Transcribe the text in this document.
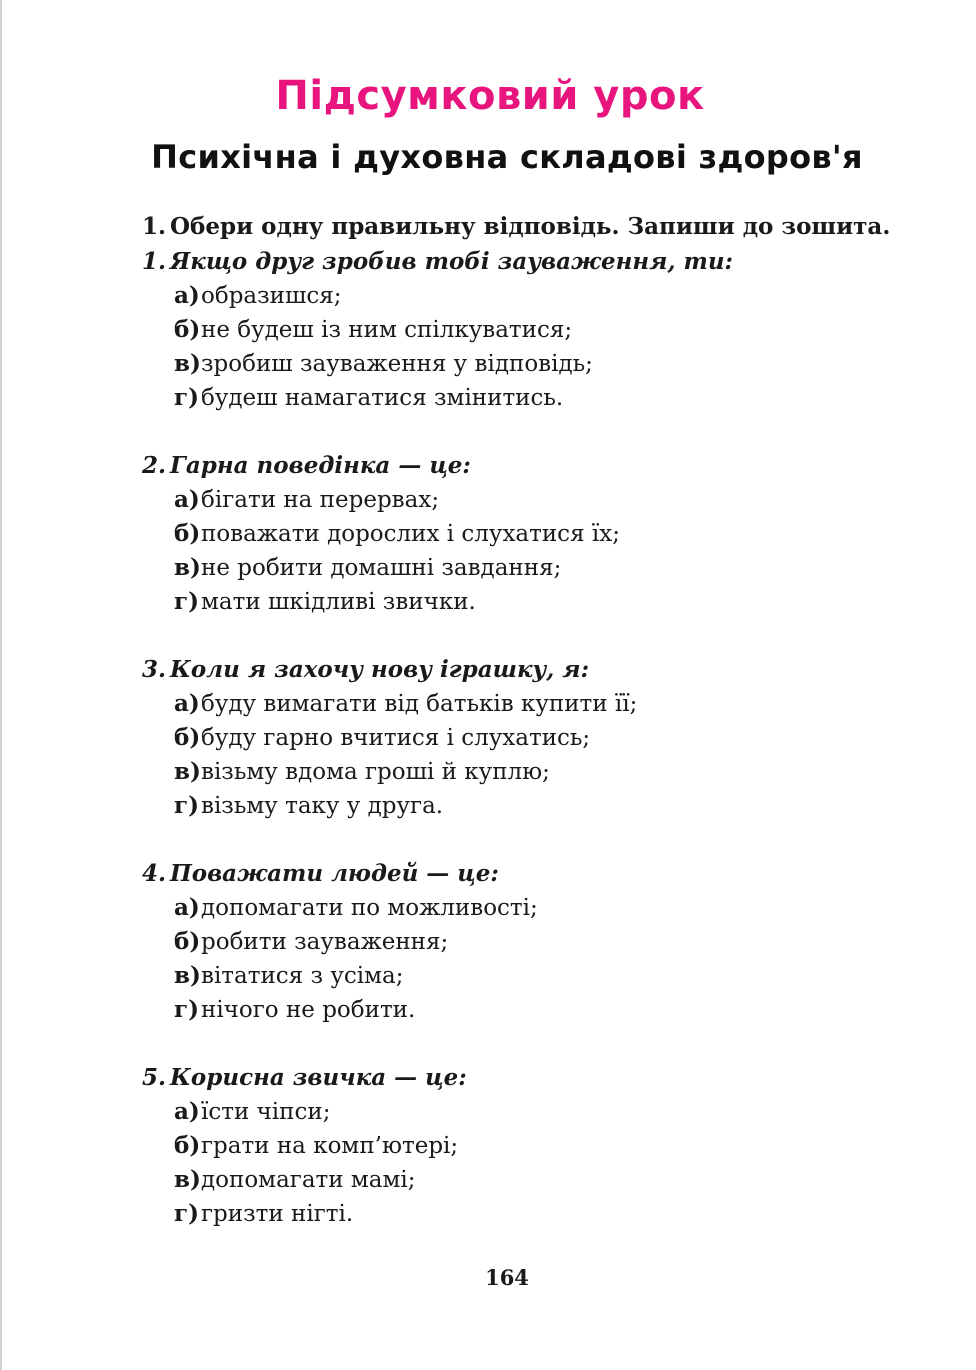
Підсумковий урок
Психічна і духовна складові здоров'я
1. Обери одну правильну відповідь. Запиши до зошита.
1. Якщо друг зробив тобі зауваження, ти:
а)образишся;
б)не будеш із ним спілкуватися;
в)зробиш зауваження у відповідь;
г)будеш намагатися змінитись.
2. Гарна поведінка — це:
а)бігати на перервах;
б)поважати дорослих і слухатися їх;
в)не робити домашні завдання;
г)мати шкідливі звички.
3. Коли я захочу нову іграшку, я:
а)буду вимагати від батьків купити її;
б)буду гарно вчитися і слухатись;
в)візьму вдома гроші й куплю;
г)візьму таку у друга.
4. Поважати людей — це:
а)допомагати по можливості;
б)робити зауваження;
в)вітатися з усіма;
г)нічого не робити.
5. Корисна звичка — це:
а)їсти чіпси;
б)грати на комп’ютері;
в)допомагати мамі;
г)гризти нігті.
164
